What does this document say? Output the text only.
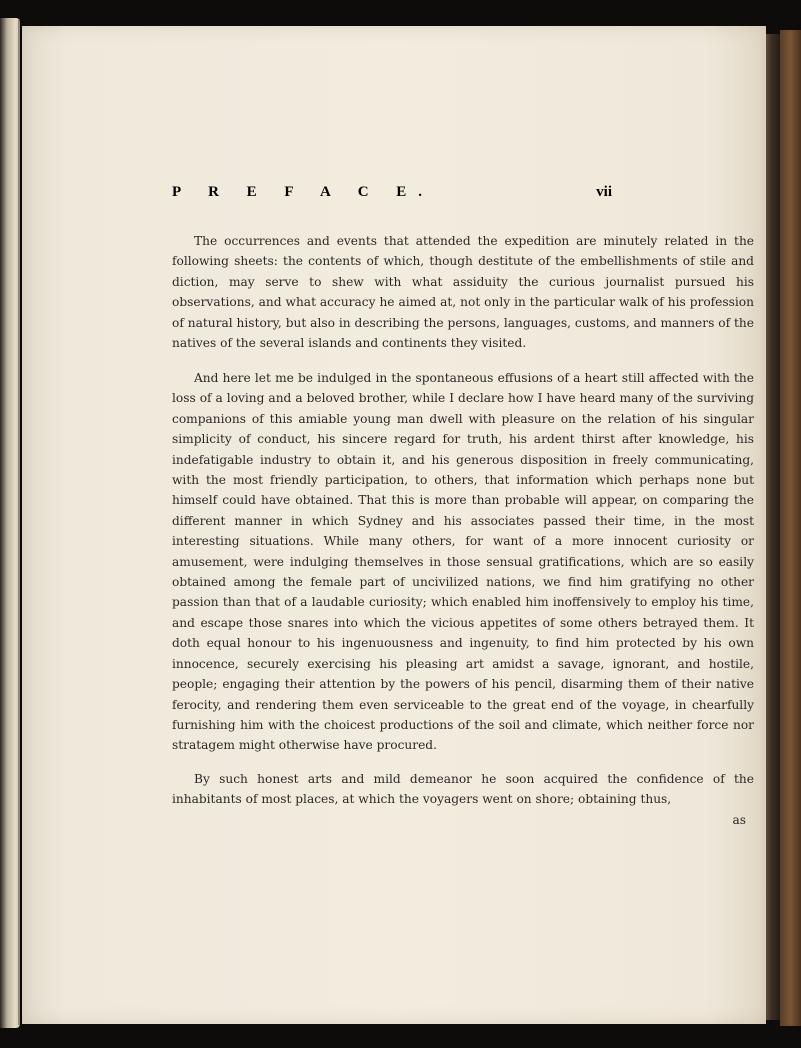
P R E F A C E.	vii

The occurrences and events that attended the expedition are minutely related in the following sheets: the contents of which, though destitute of the embellishments of stile and diction, may serve to shew with what assiduity the curious journalist pursued his observations, and what accuracy he aimed at, not only in the particular walk of his profession of natural history, but also in describing the persons, languages, customs, and manners of the natives of the several islands and continents they visited.

And here let me be indulged in the spontaneous effusions of a heart still affected with the loss of a loving and a beloved brother, while I declare how I have heard many of the surviving companions of this amiable young man dwell with pleasure on the relation of his singular simplicity of conduct, his sincere regard for truth, his ardent thirst after knowledge, his indefatigable industry to obtain it, and his generous disposition in freely communicating, with the most friendly participation, to others, that information which perhaps none but himself could have obtained. That this is more than probable will appear, on comparing the different manner in which Sydney and his associates passed their time, in the most interesting situations. While many others, for want of a more innocent curiosity or amusement, were indulging themselves in those sensual gratifications, which are so easily obtained among the female part of uncivilized nations, we find him gratifying no other passion than that of a laudable curiosity; which enabled him inoffensively to employ his time, and escape those snares into which the vicious appetites of some others betrayed them. It doth equal honour to his ingenuousness and ingenuity, to find him protected by his own innocence, securely exercising his pleasing art amidst a savage, ignorant, and hostile, people; engaging their attention by the powers of his pencil, disarming them of their native ferocity, and rendering them even serviceable to the great end of the voyage, in chearfully furnishing him with the choicest productions of the soil and climate, which neither force nor stratagem might otherwise have procured.

By such honest arts and mild demeanor he soon acquired the confidence of the inhabitants of most places, at which the voyagers went on shore; obtaining thus,

as
